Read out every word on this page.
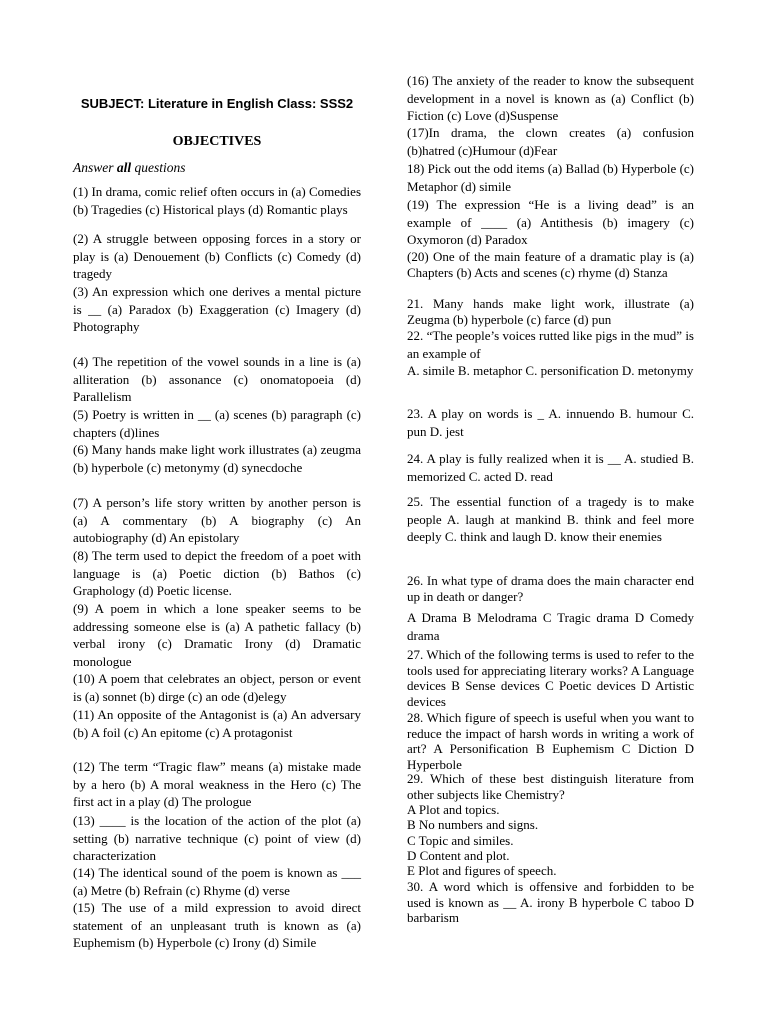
SUBJECT: Literature in English Class: SSS2
OBJECTIVES
Answer all questions
(1) In drama, comic relief often occurs in (a) Comedies (b) Tragedies (c) Historical plays (d) Romantic plays
(2) A struggle between opposing forces in a story or play is (a) Denouement (b) Conflicts (c) Comedy (d) tragedy
(3) An expression which one derives a mental picture is __ (a) Paradox (b) Exaggeration (c) Imagery (d) Photography
(4) The repetition of the vowel sounds in a line is (a) alliteration (b) assonance (c) onomatopoeia (d) Parallelism
(5) Poetry is written in __ (a) scenes (b) paragraph (c) chapters (d)lines
(6) Many hands make light work illustrates (a) zeugma (b) hyperbole (c) metonymy (d) synecdoche
(7) A person’s life story written by another person is (a) A commentary (b) A biography (c) An autobiography (d) An epistolary
(8) The term used to depict the freedom of a poet with language is (a) Poetic diction (b) Bathos (c) Graphology (d) Poetic license.
(9) A poem in which a lone speaker seems to be addressing someone else is (a) A pathetic fallacy (b) verbal irony (c) Dramatic Irony (d) Dramatic monologue
(10) A poem that celebrates an object, person or event is (a) sonnet (b) dirge (c) an ode (d)elegy
(11) An opposite of the Antagonist is (a) An adversary (b) A foil (c) An epitome (c) A protagonist
(12) The term “Tragic flaw” means (a) mistake made by a hero (b) A moral weakness in the Hero (c) The first act in a play (d) The prologue
(13) ____ is the location of the action of the plot (a) setting (b) narrative technique (c) point of view (d) characterization
(14) The identical sound of the poem is known as ___ (a) Metre (b) Refrain (c) Rhyme (d) verse
(15) The use of a mild expression to avoid direct statement of an unpleasant truth is known as (a) Euphemism (b) Hyperbole (c) Irony (d) Simile
(16) The anxiety of the reader to know the subsequent development in a novel is known as (a) Conflict (b) Fiction (c) Love (d)Suspense
(17)In drama, the clown creates (a) confusion (b)hatred (c)Humour (d)Fear
18) Pick out the odd items (a) Ballad (b) Hyperbole (c) Metaphor (d) simile
(19) The expression “He is a living dead” is an example of ____ (a) Antithesis (b) imagery (c) Oxymoron (d) Paradox
(20) One of the main feature of a dramatic play is (a) Chapters (b) Acts and scenes (c) rhyme (d) Stanza
21. Many hands make light work, illustrate (a) Zeugma (b) hyperbole (c) farce (d) pun
22. “The people’s voices rutted like pigs in the mud” is an example of
A. simile B. metaphor C. personification D. metonymy
23. A play on words is _ A. innuendo B. humour C. pun D. jest
24. A play is fully realized when it is __ A. studied B. memorized C. acted D. read
25. The essential function of a tragedy is to make people A. laugh at mankind B. think and feel more deeply C. think and laugh D. know their enemies
26. In what type of drama does the main character end up in death or danger?
A Drama B Melodrama C Tragic drama D Comedy drama
27. Which of the following terms is used to refer to the tools used for appreciating literary works? A Language devices B Sense devices C Poetic devices D Artistic devices
28. Which figure of speech is useful when you want to reduce the impact of harsh words in writing a work of art? A Personification B Euphemism C Diction D Hyperbole
29. Which of these best distinguish literature from other subjects like Chemistry?
A Plot and topics.
B No numbers and signs.
C Topic and similes.
D Content and plot.
E Plot and figures of speech.
30. A word which is offensive and forbidden to be used is known as __ A. irony B hyperbole C taboo D barbarism
